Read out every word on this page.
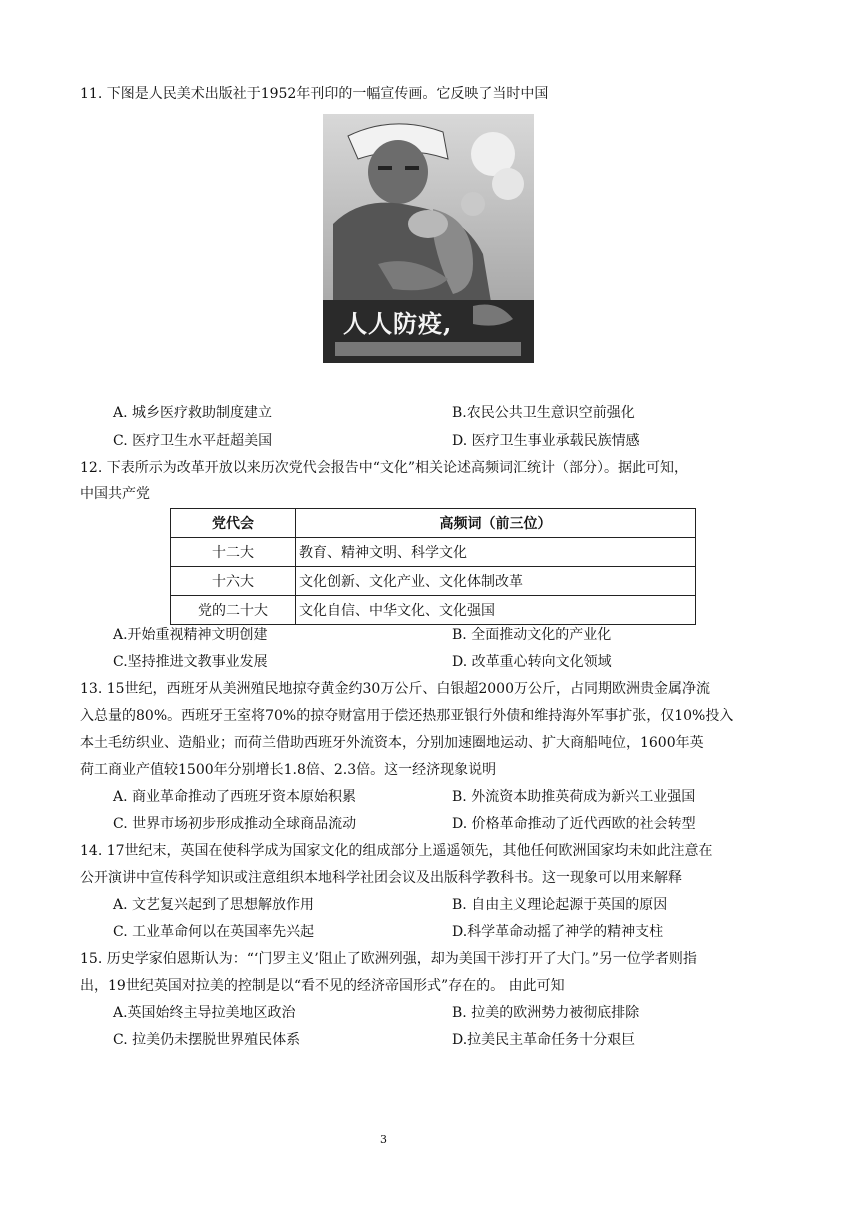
11. 下图是人民美术出版社于1952年刊印的一幅宣传画。它反映了当时中国
人人防疫,
A. 城乡医疗救助制度建立	B.农民公共卫生意识空前强化
C. 医疗卫生水平赶超美国	D. 医疗卫生事业承载民族情感
12. 下表所示为改革开放以来历次党代会报告中“文化”相关论述高频词汇统计（部分）。据此可知，
中国共产党
党代会	高频词（前三位）
十二大	教育、精神文明、科学文化
十六大	文化创新、文化产业、文化体制改革
党的二十大	文化自信、中华文化、文化强国
A.开始重视精神文明创建	B. 全面推动文化的产业化
C.坚持推进文教事业发展	D. 改革重心转向文化领域
13. 15世纪，西班牙从美洲殖民地掠夺黄金约30万公斤、白银超2000万公斤，占同期欧洲贵金属净流
入总量的80%。西班牙王室将70%的掠夺财富用于偿还热那亚银行外债和维持海外军事扩张，仅10%投入
本土毛纺织业、造船业；而荷兰借助西班牙外流资本，分别加速圈地运动、扩大商船吨位，1600年英
荷工商业产值较1500年分别增长1.8倍、2.3倍。这一经济现象说明
A. 商业革命推动了西班牙资本原始积累	B. 外流资本助推英荷成为新兴工业强国
C. 世界市场初步形成推动全球商品流动	D. 价格革命推动了近代西欧的社会转型
14. 17世纪末，英国在使科学成为国家文化的组成部分上遥遥领先，其他任何欧洲国家均未如此注意在
公开演讲中宣传科学知识或注意组织本地科学社团会议及出版科学教科书。这一现象可以用来解释
A. 文艺复兴起到了思想解放作用	B. 自由主义理论起源于英国的原因
C. 工业革命何以在英国率先兴起	D.科学革命动摇了神学的精神支柱
15. 历史学家伯恩斯认为：“‘门罗主义’阻止了欧洲列强，却为美国干涉打开了大门。”另一位学者则指
出，19世纪英国对拉美的控制是以“看不见的经济帝国形式”存在的。 由此可知
A.英国始终主导拉美地区政治	B. 拉美的欧洲势力被彻底排除
C. 拉美仍未摆脱世界殖民体系	D.拉美民主革命任务十分艰巨
3
